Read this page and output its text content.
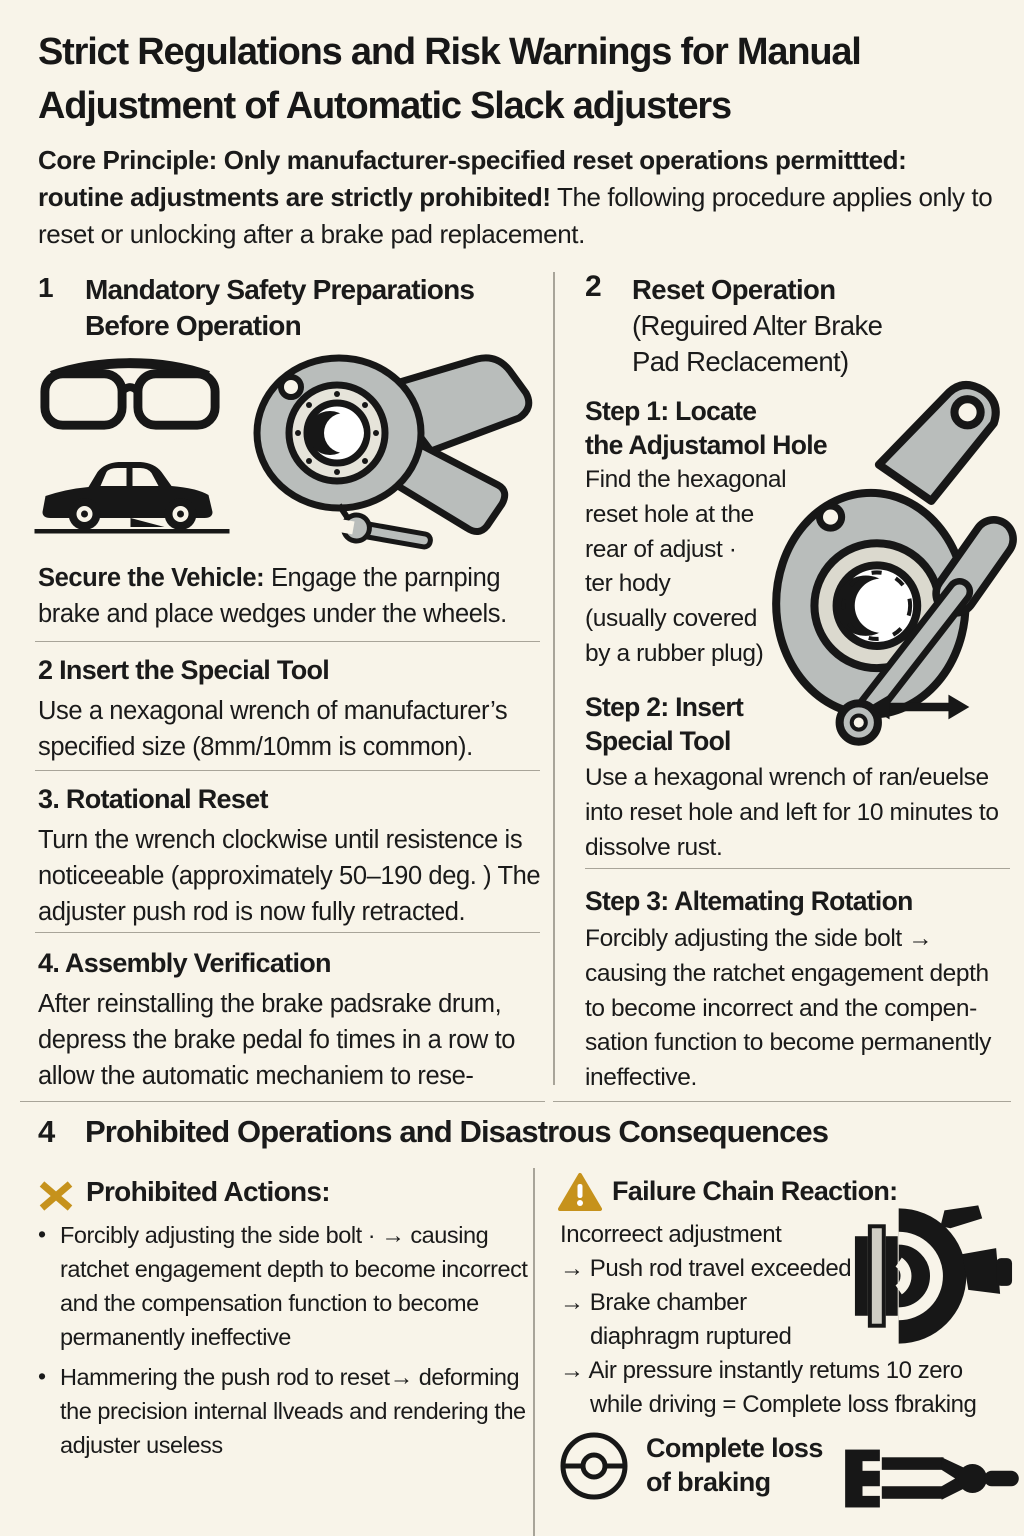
Strict Regulations and Risk Warnings for Manual Adjustment of Automatic Slack adjusters
Core Principle: Only manufacturer-specified reset operations permittted: routine adjustments are strictly prohibited! The following procedure applies only to reset or unlocking after a brake pad replacement.
1 Mandatory Safety Preparations Before Operation
Secure the Vehicle: Engage the parnping brake and place wedges under the wheels.
2 Insert the Special Tool
Use a nexagonal wrench of manufacturer’s specified size (8mm/10mm is common).
3. Rotational Reset
Turn the wrench clockwise until resistence is noticeeable (approximately 50–190 deg. ) The adjuster push rod is now fully retracted.
4. Assembly Verification
After reinstalling the brake padsrake drum, depress the brake pedal fo times in a row to allow the automatic mechaniem to rese-
2 Reset Operation
(Reguired Alter Brake
Pad Reclacement)
Step 1: Locate
the Adjustamol Hole
Find the hexagonal
reset hole at the
rear of adjust ·
ter hody
(usually covered
by a rubber plug)
Step 2: Insert
Special Tool
Use a hexagonal wrench of ran/euelse into reset hole and left for 10 minutes to dissolve rust.
Step 3: Altemating Rotation
Forcibly adjusting the side bolt →
causing the ratchet engagement depth
to become incorrect and the compen-
sation function to become permanently
ineffective.
4 Prohibited Operations and Disastrous Consequences
Prohibited Actions:
• Forcibly adjusting the side bolt · → causing ratchet engagement depth to become incorrect and the compensation function to become permanently ineffective
• Hammering the push rod to reset→ deforming the precision internal llveads and rendering the adjuster useless
Failure Chain Reaction:
Incorreect adjustment
→ Push rod travel exceeded
→ Brake chamber
diaphragm ruptured
→ Air pressure instantly retums 10 zero
while driving = Complete loss fbraking
Complete loss
of braking
